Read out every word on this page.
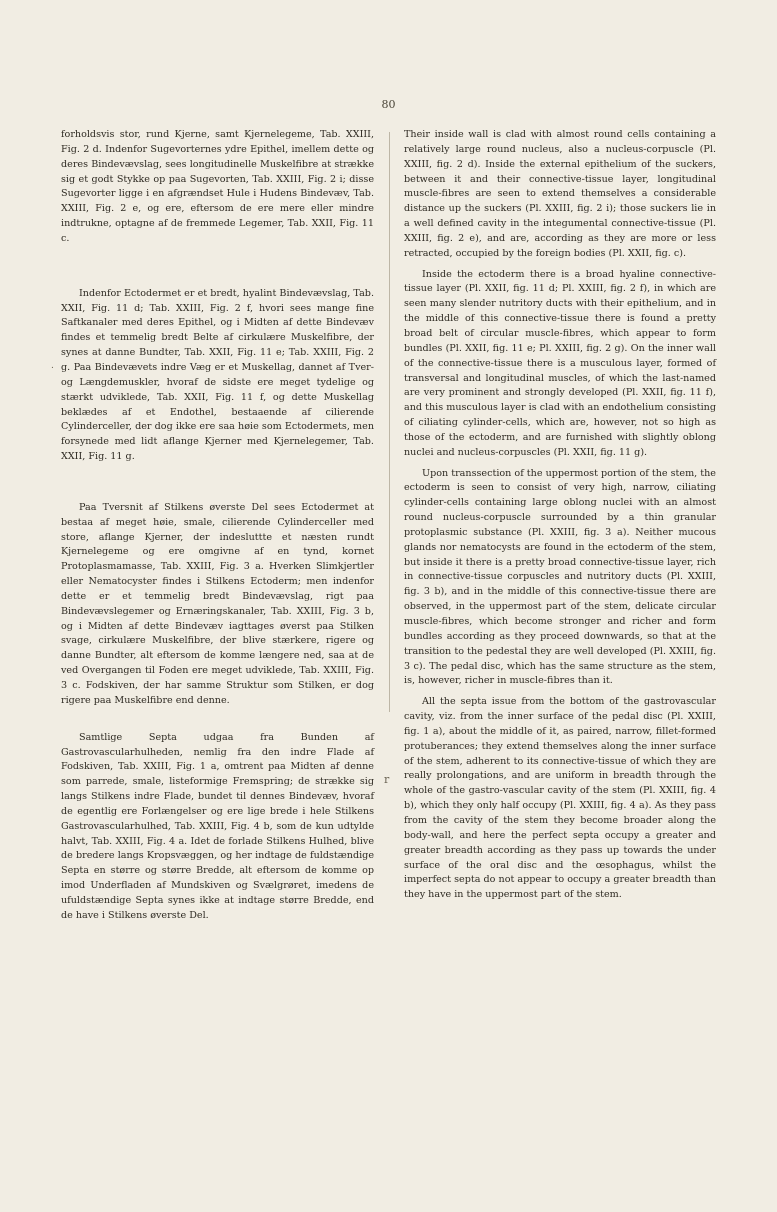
80

forholdsvis stor, rund Kjerne, samt Kjernelegeme, Tab. XXIII, Fig. 2 d. Indenfor Sugevorternes ydre Epithel, imellem dette og deres Bindevævslag, sees longitudinelle Muskelfibre at strække sig et godt Stykke op paa Sugevorten, Tab. XXIII, Fig. 2 i; disse Sugevorter ligge i en afgrændset Hule i Hudens Bindevæv, Tab. XXIII, Fig. 2 e, og ere, eftersom de ere mere eller mindre indtrukne, optagne af de fremmede Legemer, Tab. XXII, Fig. 11 c.

Indenfor Ectodermet er et bredt, hyalint Bindevævslag, Tab. XXII, Fig. 11 d; Tab. XXIII, Fig. 2 f, hvori sees mange fine Saftkanaler med deres Epithel, og i Midten af dette Bindevæv findes et temmelig bredt Belte af cirkulære Muskelfibre, der synes at danne Bundter, Tab. XXII, Fig. 11 e; Tab. XXIII, Fig. 2 g. Paa Bindevævets indre Væg er et Muskellag, dannet af Tver- og Længdemuskler, hvoraf de sidste ere meget tydelige og stærkt udviklede, Tab. XXII, Fig. 11 f, og dette Muskellag beklædes af et Endothel, bestaaende af cilierende Cylinderceller, der dog ikke ere saa høie som Ectodermets, men forsynede med lidt aflange Kjerner med Kjernelegemer, Tab. XXII, Fig. 11 g.

Paa Tversnit af Stilkens øverste Del sees Ectodermet at bestaa af meget høie, smale, cilierende Cylinderceller med store, aflange Kjerner, der indesluttte et næsten rundt Kjernelegeme og ere omgivne af en tynd, kornet Protoplasmamasse, Tab. XXIII, Fig. 3 a. Hverken Slimkjertler eller Nematocyster findes i Stilkens Ectoderm; men indenfor dette er et temmelig bredt Bindevævslag, rigt paa Bindevævslegemer og Ernæringskanaler, Tab. XXIII, Fig. 3 b, og i Midten af dette Bindevæv iagttages øverst paa Stilken svage, cirkulære Muskelfibre, der blive stærkere, rigere og danne Bundter, alt eftersom de komme længere ned, saa at de ved Overgangen til Foden ere meget udviklede, Tab. XXIII, Fig. 3 c. Fodskiven, der har samme Struktur som Stilken, er dog rigere paa Muskelfibre end denne.

Samtlige Septa udgaa fra Bunden af Gastrovascularhulheden, nemlig fra den indre Flade af Fodskiven, Tab. XXIII, Fig. 1 a, omtrent paa Midten af denne som parrede, smale, listeformige Fremspring; de strække sig langs Stilkens indre Flade, bundet til dennes Bindevæv, hvoraf de egentlig ere Forlængelser og ere lige brede i hele Stilkens Gastrovascularhulhed, Tab. XXIII, Fig. 4 b, som de kun udtylde halvt, Tab. XXIII, Fig. 4 a. Idet de forlade Stilkens Hulhed, blive de bredere langs Kropsvæggen, og her indtage de fuldstændige Septa en større og større Bredde, alt eftersom de komme op imod Underfladen af Mundskiven og Svælgrøret, imedens de ufuldstændige Septa synes ikke at indtage større Bredde, end de have i Stilkens øverste Del.

Their inside wall is clad with almost round cells containing a relatively large round nucleus, also a nucleus-corpuscle (Pl. XXIII, fig. 2 d). Inside the external epithelium of the suckers, between it and their connective-tissue layer, longitudinal muscle-fibres are seen to extend themselves a considerable distance up the suckers (Pl. XXIII, fig. 2 i); those suckers lie in a well defined cavity in the integumental connective-tissue (Pl. XXIII, fig. 2 e), and are, according as they are more or less retracted, occupied by the foreign bodies (Pl. XXII, fig. c).

Inside the ectoderm there is a broad hyaline connective-tissue layer (Pl. XXII, fig. 11 d; Pl. XXIII, fig. 2 f), in which are seen many slender nutritory ducts with their epithelium, and in the middle of this connective-tissue there is found a pretty broad belt of circular muscle-fibres, which appear to form bundles (Pl. XXII, fig. 11 e; Pl. XXIII, fig. 2 g). On the inner wall of the connective-tissue there is a musculous layer, formed of transversal and longitudinal muscles, of which the last-named are very prominent and strongly developed (Pl. XXII, fig. 11 f), and this musculous layer is clad with an endothelium consisting of ciliating cylinder-cells, which are, however, not so high as those of the ectoderm, and are furnished with slightly oblong nuclei and nucleus-corpuscles (Pl. XXII, fig. 11 g).

Upon transsection of the uppermost portion of the stem, the ectoderm is seen to consist of very high, narrow, ciliating cylinder-cells containing large oblong nuclei with an almost round nucleus-corpuscle surrounded by a thin granular protoplasmic substance (Pl. XXIII, fig. 3 a). Neither mucous glands nor nematocysts are found in the ectoderm of the stem, but inside it there is a pretty broad connective-tissue layer, rich in connective-tissue corpuscles and nutritory ducts (Pl. XXIII, fig. 3 b), and in the middle of this connective-tissue there are observed, in the uppermost part of the stem, delicate circular muscle-fibres, which become stronger and richer and form bundles according as they proceed downwards, so that at the transition to the pedestal they are well developed (Pl. XXIII, fig. 3 c). The pedal disc, which has the same structure as the stem, is, however, richer in muscle-fibres than it.

All the septa issue from the bottom of the gastrovascular cavity, viz. from the inner surface of the pedal disc (Pl. XXIII, fig. 1 a), about the middle of it, as paired, narrow, fillet-formed protuberances; they extend themselves along the inner surface of the stem, adherent to its connective-tissue of which they are really prolongations, and are uniform in breadth through the whole of the gastro-vascular cavity of the stem (Pl. XXIII, fig. 4 b), which they only half occupy (Pl. XXIII, fig. 4 a). As they pass from the cavity of the stem they become broader along the body-wall, and here the perfect septa occupy a greater and greater breadth according as they pass up towards the under surface of the oral disc and the œsophagus, whilst the imperfect septa do not appear to occupy a greater breadth than they have in the uppermost part of the stem.

.
r
